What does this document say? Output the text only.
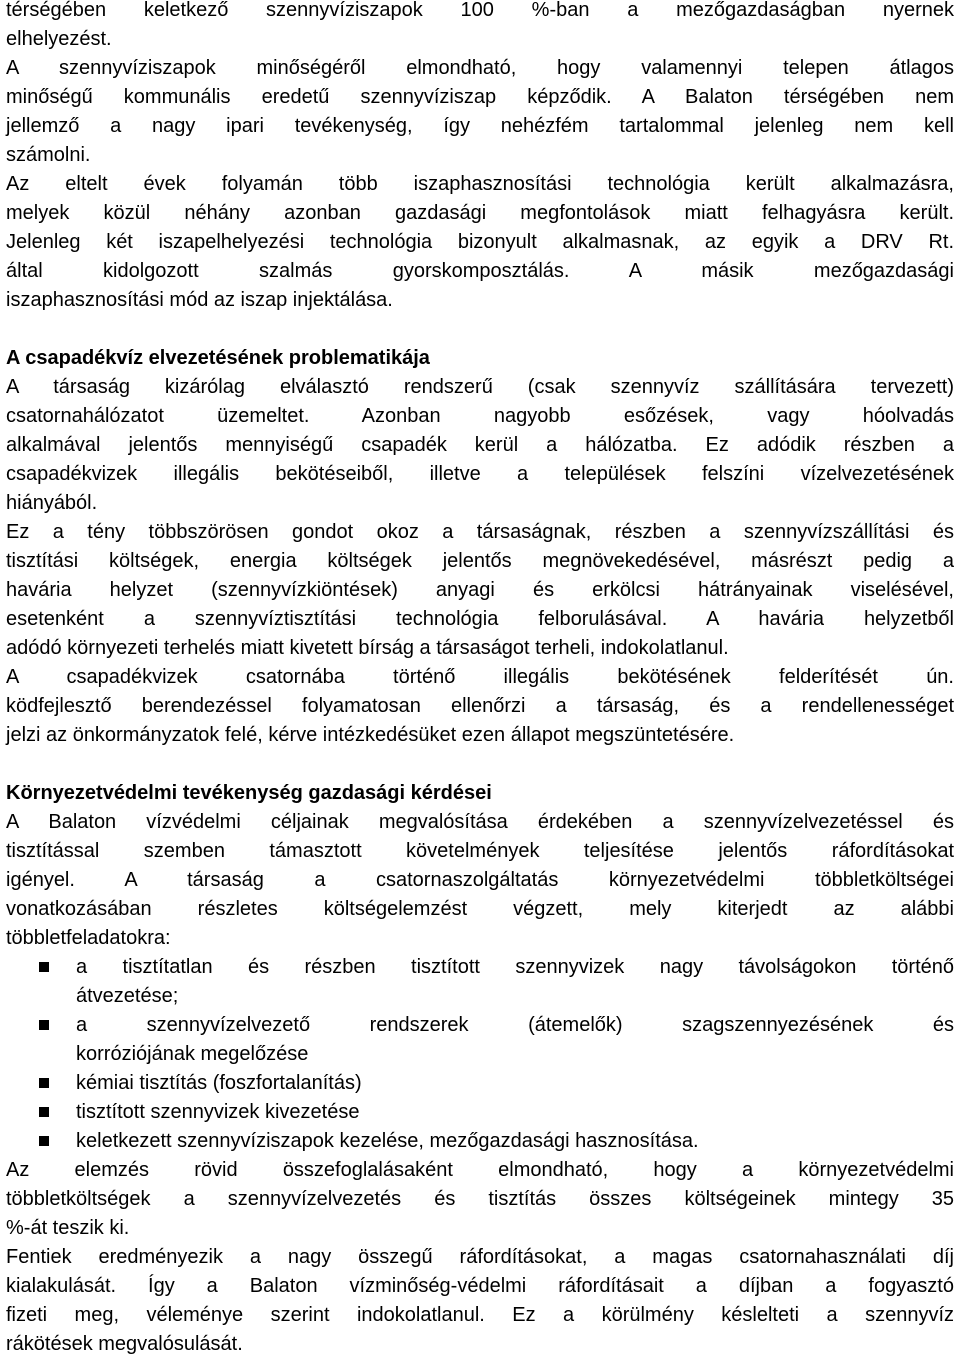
térségében keletkező szennyvíziszapok 100 %-ban a mezőgazdaságban nyernek
elhelyezést.
A szennyvíziszapok minőségéről elmondható, hogy valamennyi telepen átlagos
minőségű kommunális eredetű szennyvíziszap képződik. A Balaton térségében nem
jellemző a nagy ipari tevékenység, így nehézfém tartalommal jelenleg nem kell
számolni.
Az eltelt évek folyamán több iszaphasznosítási technológia került alkalmazásra,
melyek közül néhány azonban gazdasági megfontolások miatt felhagyásra került.
Jelenleg két iszapelhelyezési technológia bizonyult alkalmasnak, az egyik a DRV Rt.
által kidolgozott szalmás gyorskomposztálás. A másik mezőgazdasági
iszaphasznosítási mód az iszap injektálása.
A csapadékvíz elvezetésének problematikája
A társaság kizárólag elválasztó rendszerű (csak szennyvíz szállítására tervezett)
csatornahálózatot üzemeltet. Azonban nagyobb esőzések, vagy hóolvadás
alkalmával jelentős mennyiségű csapadék kerül a hálózatba. Ez adódik részben a
csapadékvizek illegális bekötéseiből, illetve a települések felszíni vízelvezetésének
hiányából.
Ez a tény többszörösen gondot okoz a társaságnak, részben a szennyvízszállítási és
tisztítási költségek, energia költségek jelentős megnövekedésével, másrészt pedig a
havária helyzet (szennyvízkiöntések) anyagi és erkölcsi hátrányainak viselésével,
esetenként a szennyvíztisztítási technológia felborulásával. A havária helyzetből
adódó környezeti terhelés miatt kivetett bírság a társaságot terheli, indokolatlanul.
A csapadékvizek csatornába történő illegális bekötésének felderítését ún.
ködfejlesztő berendezéssel folyamatosan ellenőrzi a társaság, és a rendellenességet
jelzi az önkormányzatok felé, kérve intézkedésüket ezen állapot megszüntetésére.
Környezetvédelmi tevékenység gazdasági kérdései
A Balaton vízvédelmi céljainak megvalósítása érdekében a szennyvízelvezetéssel és
tisztítással szemben támasztott követelmények teljesítése jelentős ráfordításokat
igényel. A társaság a csatornaszolgáltatás környezetvédelmi többletköltségei
vonatkozásában részletes költségelemzést végzett, mely kiterjedt az alábbi
többletfeladatokra:
a tisztítatlan és részben tisztított szennyvizek nagy távolságokon történő
átvezetése;
a szennyvízelvezető rendszerek (átemelők) szagszennyezésének és
korróziójának megelőzése
kémiai tisztítás (foszfortalanítás)
tisztított szennyvizek kivezetése
keletkezett szennyvíziszapok kezelése, mezőgazdasági hasznosítása.
Az elemzés rövid összefoglalásaként elmondható, hogy a környezetvédelmi
többletköltségek a szennyvízelvezetés és tisztítás összes költségeinek mintegy 35
%-át teszik ki.
Fentiek eredményezik a nagy összegű ráfordításokat, a magas csatornahasználati díj
kialakulását. Így a Balaton vízminőség-védelmi ráfordításait a díjban a fogyasztó
fizeti meg, véleménye szerint indokolatlanul. Ez a körülmény késlelteti a szennyvíz
rákötések megvalósulását.
